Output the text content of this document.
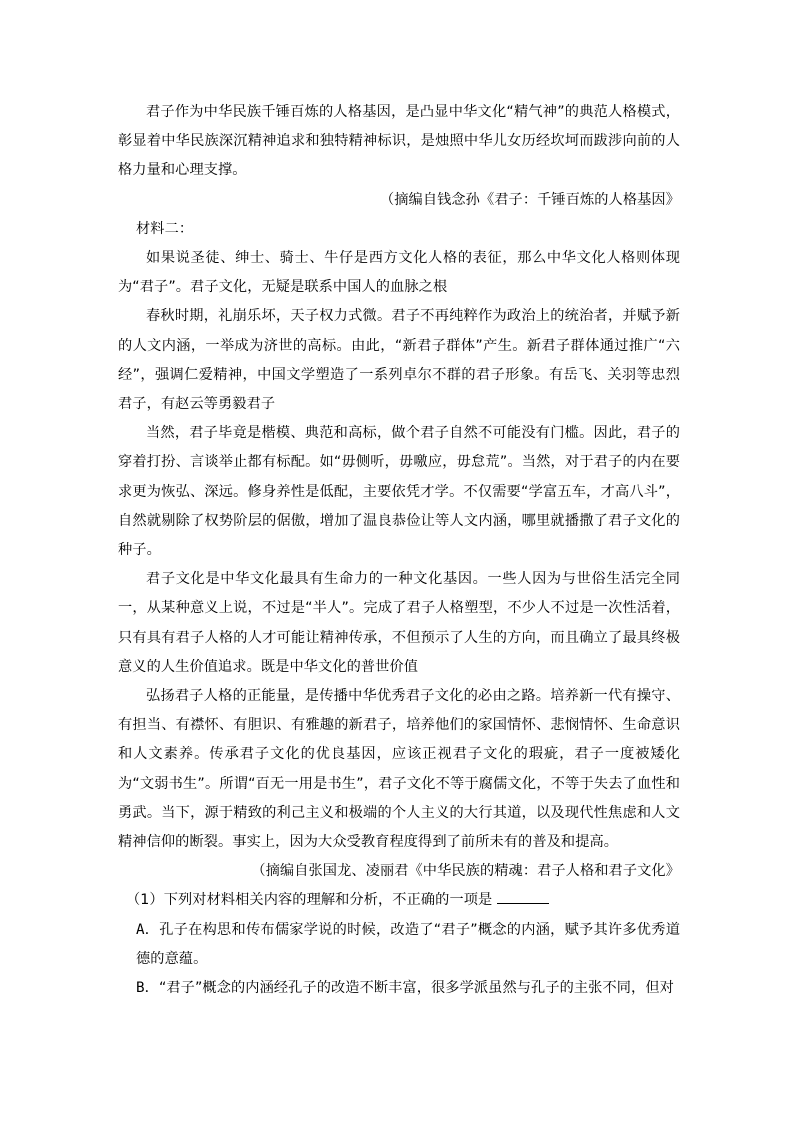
君子作为中华民族千锤百炼的人格基因，是凸显中华文化“精气神”的典范人格模式，彰显着中华民族深沉精神追求和独特精神标识，是烛照中华儿女历经坎坷而跋涉向前的人格力量和心理支撑。

（摘编自钱念孙《君子：千锤百炼的人格基因》

材料二：

如果说圣徒、绅士、骑士、牛仔是西方文化人格的表征，那么中华文化人格则体现为“君子”。君子文化，无疑是联系中国人的血脉之根

春秋时期，礼崩乐坏，天子权力式微。君子不再纯粹作为政治上的统治者，并赋予新的人文内涵，一举成为济世的高标。由此，“新君子群体”产生。新君子群体通过推广“六经”，强调仁爱精神，中国文学塑造了一系列卓尔不群的君子形象。有岳飞、关羽等忠烈君子，有赵云等勇毅君子

当然，君子毕竟是楷模、典范和高标，做个君子自然不可能没有门槛。因此，君子的穿着打扮、言谈举止都有标配。如“毋侧听，毋噭应，毋怠荒”。当然，对于君子的内在要求更为恢弘、深远。修身养性是低配，主要依凭才学。不仅需要“学富五车，才高八斗”，自然就剔除了权势阶层的倨傲，增加了温良恭俭让等人文内涵，哪里就播撒了君子文化的种子。

君子文化是中华文化最具有生命力的一种文化基因。一些人因为与世俗生活完全同一，从某种意义上说，不过是“半人”。完成了君子人格塑型，不少人不过是一次性活着，只有具有君子人格的人才可能让精神传承，不但预示了人生的方向，而且确立了最具终极意义的人生价值追求。既是中华文化的普世价值

弘扬君子人格的正能量，是传播中华优秀君子文化的必由之路。培养新一代有操守、有担当、有襟怀、有胆识、有雅趣的新君子，培养他们的家国情怀、悲悯情怀、生命意识和人文素养。传承君子文化的优良基因，应该正视君子文化的瑕疵，君子一度被矮化为“文弱书生”。所谓“百无一用是书生”，君子文化不等于腐儒文化，不等于失去了血性和勇武。当下，源于精致的利己主义和极端的个人主义的大行其道，以及现代性焦虑和人文精神信仰的断裂。事实上，因为大众受教育程度得到了前所未有的普及和提高。

（摘编自张国龙、凌丽君《中华民族的精魂：君子人格和君子文化》

（1）下列对材料相关内容的理解和分析，不正确的一项是

A．孔子在构思和传布儒家学说的时候，改造了“君子”概念的内涵，赋予其许多优秀道德的意蕴。

B．“君子”概念的内涵经孔子的改造不断丰富，很多学派虽然与孔子的主张不同，但对
